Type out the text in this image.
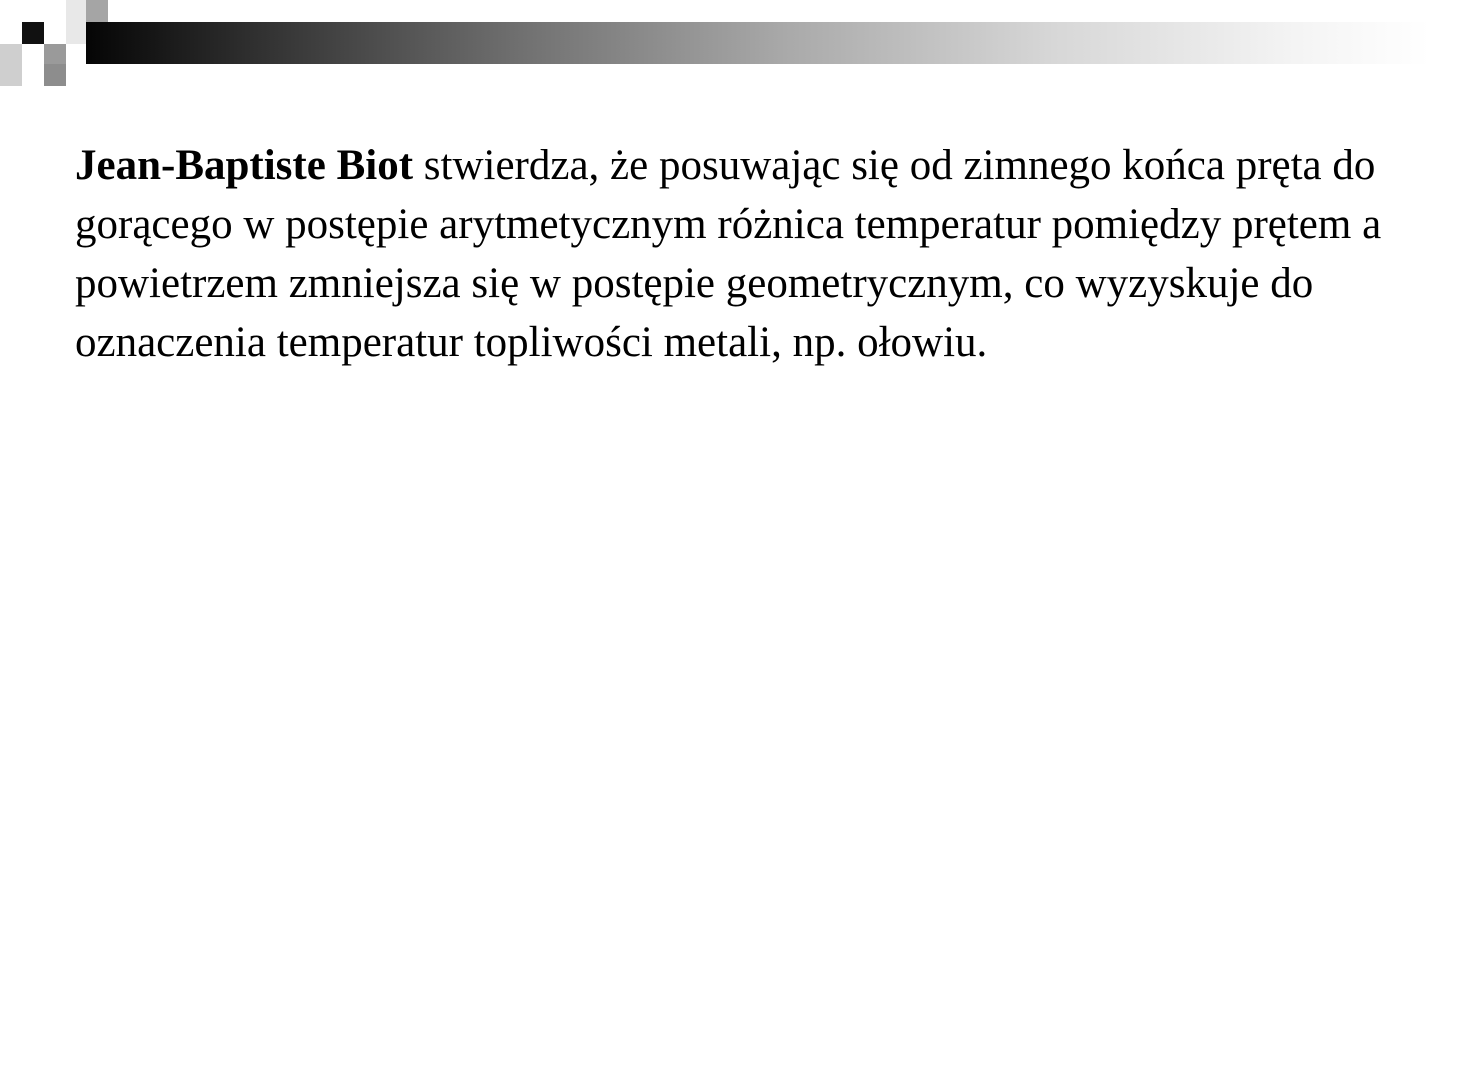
Jean-Baptiste Biot stwierdza, że posuwając się od zimnego końca pręta do gorącego w postępie arytmetycznym różnica temperatur pomiędzy prętem a powietrzem zmniejsza się w postępie geometrycznym, co wyzyskuje do oznaczenia temperatur topliwości metali, np. ołowiu.
